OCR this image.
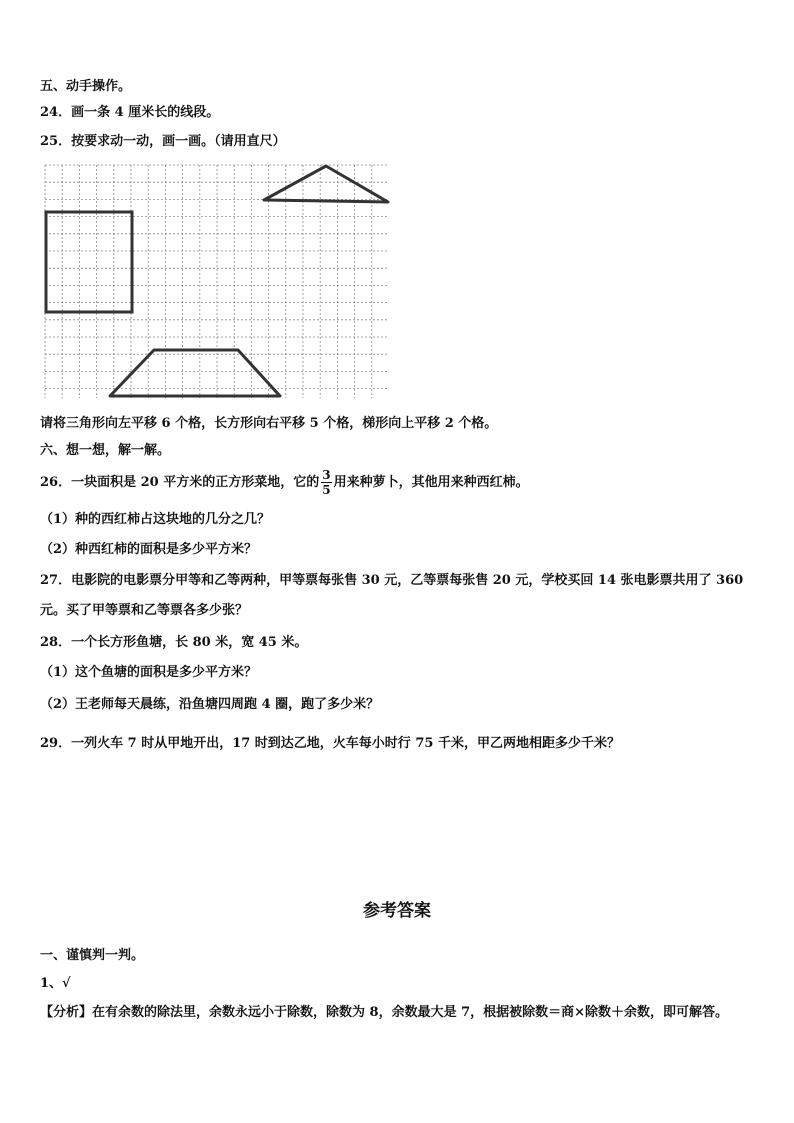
五、动手操作。
24．画一条 4 厘米长的线段。
25．按要求动一动，画一画。（请用直尺）
请将三角形向左平移 6 个格，长方形向右平移 5 个格，梯形向上平移 2 个格。
六、想一想，解一解。
26．一块面积是 20 平方米的正方形菜地，它的 $\frac{3}{5}$ 用来种萝卜，其他用来种西红柿。
（1）种的西红柿占这块地的几分之几？
（2）种西红柿的面积是多少平方米？
27．电影院的电影票分甲等和乙等两种，甲等票每张售 30 元，乙等票每张售 20 元，学校买回 14 张电影票共用了 360
元。买了甲等票和乙等票各多少张？
28．一个长方形鱼塘，长 80 米，宽 45 米。
（1）这个鱼塘的面积是多少平方米？
（2）王老师每天晨练，沿鱼塘四周跑 4 圈，跑了多少米？
29．一列火车 7 时从甲地开出，17 时到达乙地，火车每小时行 75 千米，甲乙两地相距多少千米？
参考答案
一、谨慎判一判。
1、√
【分析】在有余数的除法里，余数永远小于除数，除数为 8，余数最大是 7，根据被除数＝商×除数＋余数，即可解答。
